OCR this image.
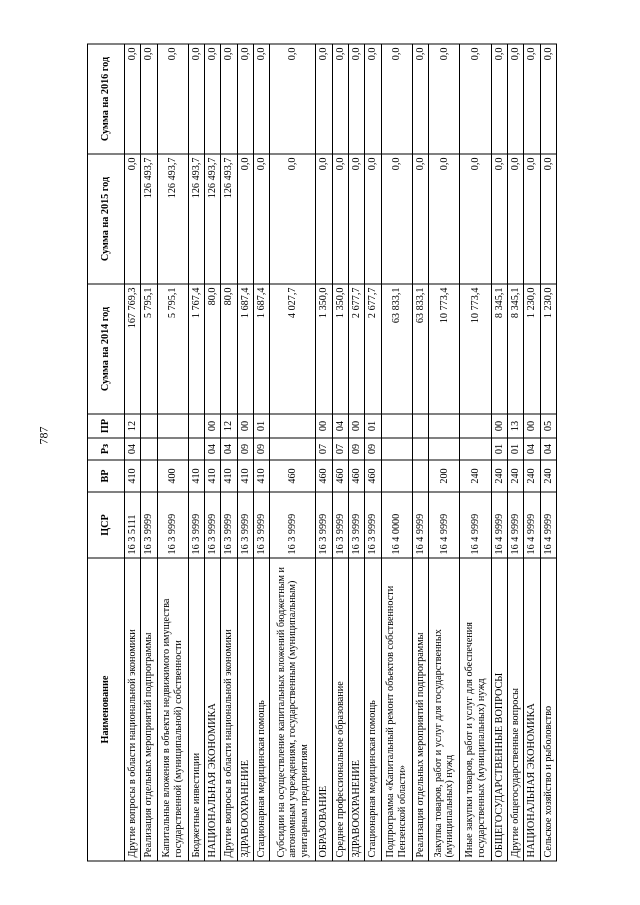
787
Наименование	ЦСР	ВР	Рз	ПР	Сумма на 2014 год	Сумма на 2015 год	Сумма на 2016 год
Другие вопросы в области национальной экономики	16 3 5111	410	04	12	167 769,3	0,0	0,0
Реализация отдельных мероприятий подпрограммы	16 3 9999				5 795,1	126 493,7	0,0
Капитальные вложения в объекты недвижимого имущества государственной (муниципальной) собственности	16 3 9999	400			5 795,1	126 493,7	0,0
Бюджетные инвестиции	16 3 9999	410			1 767,4	126 493,7	0,0
НАЦИОНАЛЬНАЯ ЭКОНОМИКА	16 3 9999	410	04	00	80,0	126 493,7	0,0
Другие вопросы в области национальной экономики	16 3 9999	410	04	12	80,0	126 493,7	0,0
ЗДРАВООХРАНЕНИЕ	16 3 9999	410	09	00	1 687,4	0,0	0,0
Стационарная медицинская помощь	16 3 9999	410	09	01	1 687,4	0,0	0,0
Субсидии на осуществление капитальных вложений бюджетным и автономным учреждениям, государственным (муниципальным) унитарным предприятиям	16 3 9999	460			4 027,7	0,0	0,0
ОБРАЗОВАНИЕ	16 3 9999	460	07	00	1 350,0	0,0	0,0
Среднее профессиональное образование	16 3 9999	460	07	04	1 350,0	0,0	0,0
ЗДРАВООХРАНЕНИЕ	16 3 9999	460	09	00	2 677,7	0,0	0,0
Стационарная медицинская помощь	16 3 9999	460	09	01	2 677,7	0,0	0,0
Подпрограмма «Капитальный ремонт объектов собственности Пензенской области»	16 4 0000				63 833,1	0,0	0,0
Реализация отдельных мероприятий подпрограммы	16 4 9999				63 833,1	0,0	0,0
Закупка товаров, работ и услуг для государственных (муниципальных) нужд	16 4 9999	200			10 773,4	0,0	0,0
Иные закупки товаров, работ и услуг для обеспечения государственных (муниципальных) нужд	16 4 9999	240			10 773,4	0,0	0,0
ОБЩЕГОСУДАРСТВЕННЫЕ ВОПРОСЫ	16 4 9999	240	01	00	8 345,1	0,0	0,0
Другие общегосударственные вопросы	16 4 9999	240	01	13	8 345,1	0,0	0,0
НАЦИОНАЛЬНАЯ ЭКОНОМИКА	16 4 9999	240	04	00	1 230,0	0,0	0,0
Сельское хозяйство и рыболовство	16 4 9999	240	04	05	1 230,0	0,0	0,0
